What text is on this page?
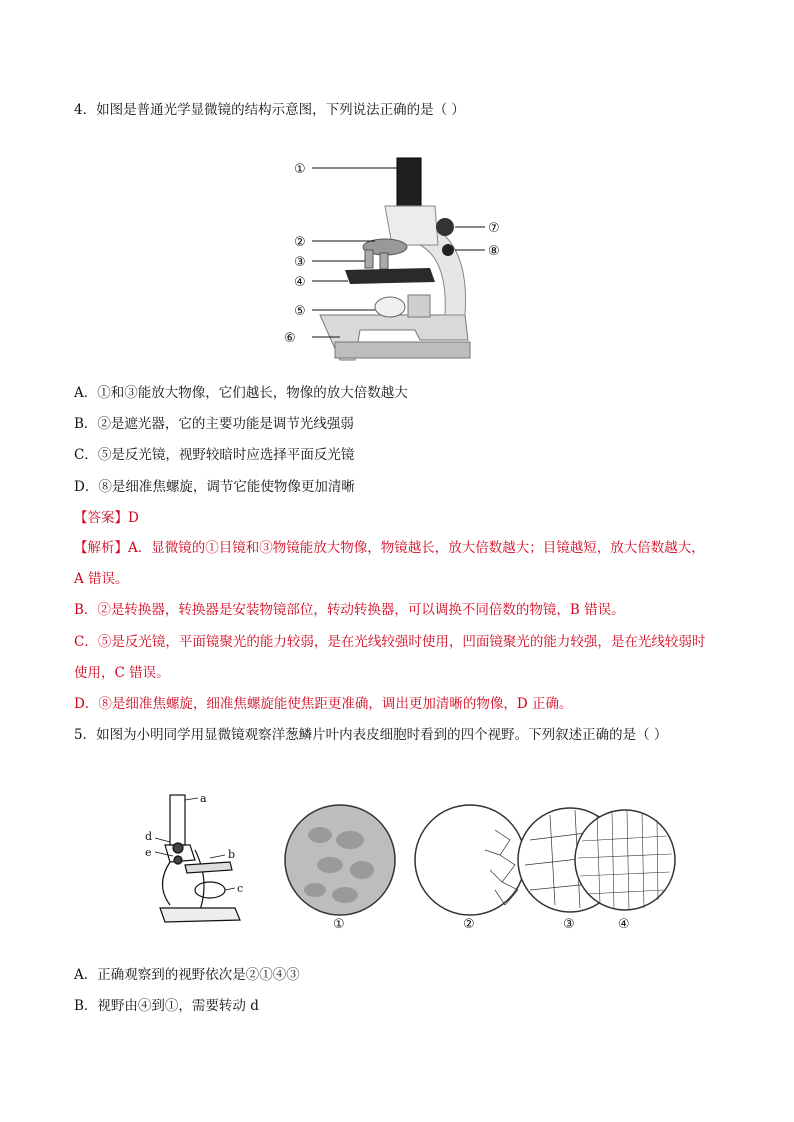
4．如图是普通光学显微镜的结构示意图，下列说法正确的是（ ）
①
②
③
④
⑤
⑥
⑦
⑧
A．①和③能放大物像，它们越长，物像的放大倍数越大
B．②是遮光器，它的主要功能是调节光线强弱
C．⑤是反光镜，视野较暗时应选择平面反光镜
D．⑧是细准焦螺旋，调节它能使物像更加清晰
【答案】D
【解析】A．显微镜的①目镜和③物镜能放大物像，物镜越长，放大倍数越大；目镜越短，放大倍数越大，
A 错误。
B．②是转换器，转换器是安装物镜部位，转动转换器，可以调换不同倍数的物镜，B 错误。
C．⑤是反光镜，平面镜聚光的能力较弱，是在光线较强时使用，凹面镜聚光的能力较强，是在光线较弱时
使用，C 错误。
D．⑧是细准焦螺旋，细准焦螺旋能使焦距更准确，调出更加清晰的物像，D 正确。
5．如图为小明同学用显微镜观察洋葱鳞片叶内表皮细胞时看到的四个视野。下列叙述正确的是（ ）
a
b
c
d
e
①	②	③	④
A．正确观察到的视野依次是②①④③
B．视野由④到①，需要转动 d
